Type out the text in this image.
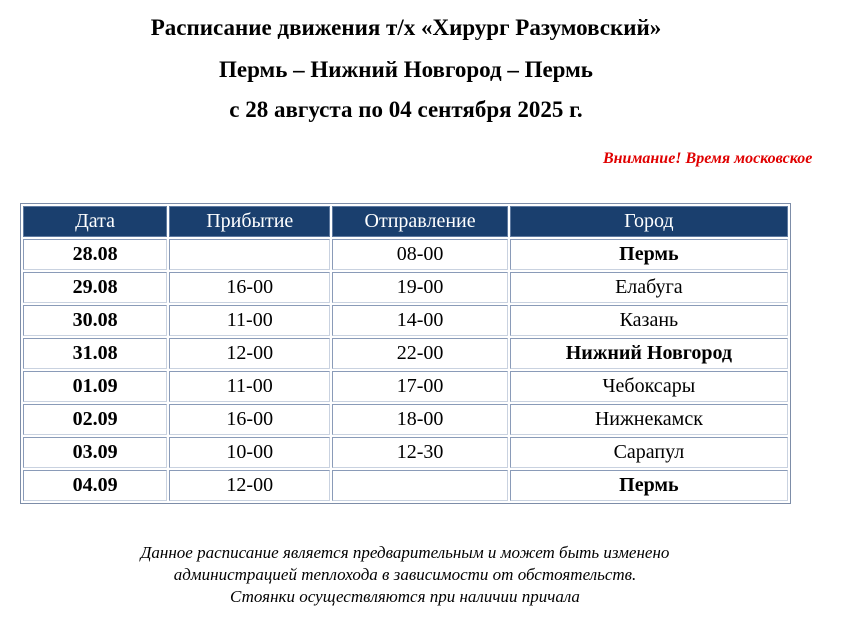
Расписание движения т/х «Хирург Разумовский»
Пермь – Нижний Новгород – Пермь
с 28 августа по 04 сентября 2025 г.
Внимание! Время московское
Дата	Прибытие	Отправление	Город
28.08		08-00	Пермь
29.08	16-00	19-00	Елабуга
30.08	11-00	14-00	Казань
31.08	12-00	22-00	Нижний Новгород
01.09	11-00	17-00	Чебоксары
02.09	16-00	18-00	Нижнекамск
03.09	10-00	12-30	Сарапул
04.09	12-00		Пермь
Данное расписание является предварительным и может быть изменено
администрацией теплохода в зависимости от обстоятельств.
Стоянки осуществляются при наличии причала
